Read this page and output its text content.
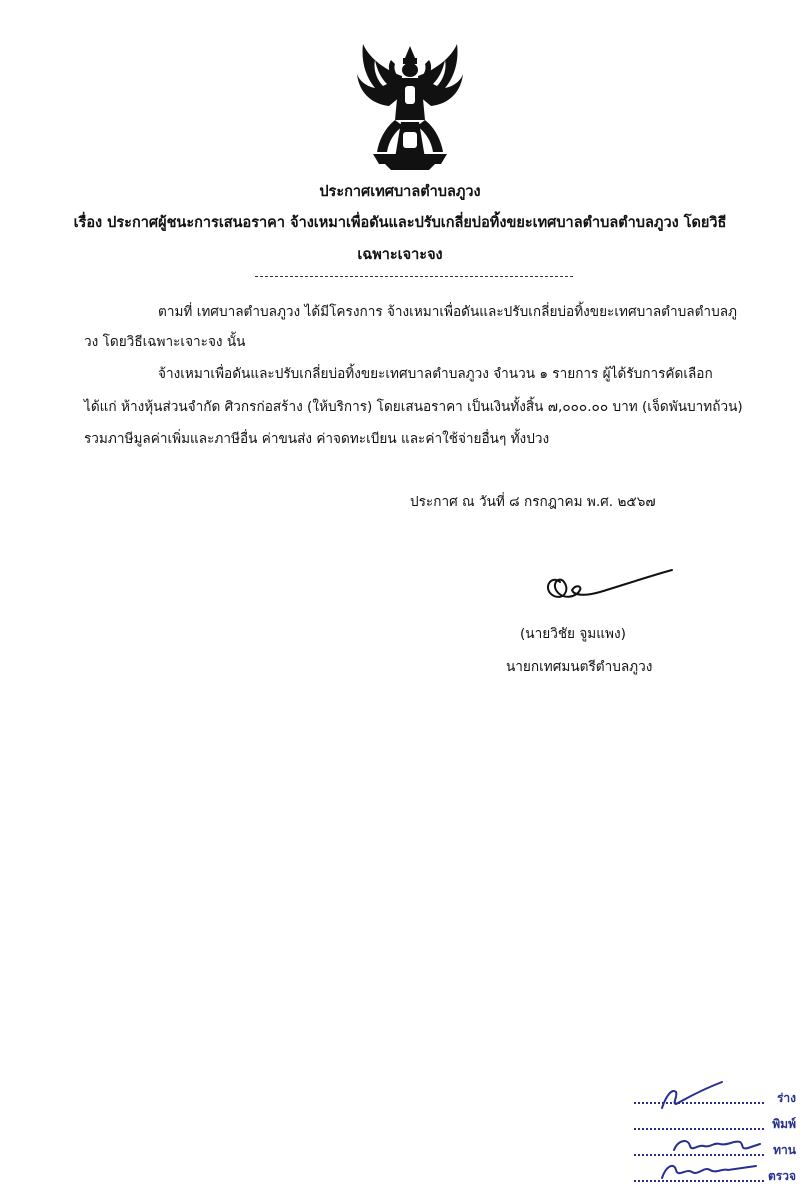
ประกาศเทศบาลตำบลภูวง
เรื่อง ประกาศผู้ชนะการเสนอราคา จ้างเหมาเพื่อดันและปรับเกลี่ยบ่อทิ้งขยะเทศบาลตำบลตำบลภูวง โดยวิธี
เฉพาะเจาะจง
ตามที่ เทศบาลตำบลภูวง ได้มีโครงการ จ้างเหมาเพื่อดันและปรับเกลี่ยบ่อทิ้งขยะเทศบาลตำบลตำบลภู
วง โดยวิธีเฉพาะเจาะจง นั้น
จ้างเหมาเพื่อดันและปรับเกลี่ยบ่อทิ้งขยะเทศบาลตำบลภูวง จำนวน ๑ รายการ ผู้ได้รับการคัดเลือก
ได้แก่ ห้างหุ้นส่วนจำกัด ศิวกรก่อสร้าง (ให้บริการ) โดยเสนอราคา เป็นเงินทั้งสิ้น ๗,๐๐๐.๐๐ บาท (เจ็ดพันบาทถ้วน)
รวมภาษีมูลค่าเพิ่มและภาษีอื่น ค่าขนส่ง ค่าจดทะเบียน และค่าใช้จ่ายอื่นๆ ทั้งปวง
ประกาศ ณ วันที่ ๘ กรกฎาคม พ.ศ. ๒๕๖๗
(นายวิชัย จูมแพง)
นายกเทศมนตรีตำบลภูวง
ร่าง
พิมพ์
ทาน
ตรวจ
